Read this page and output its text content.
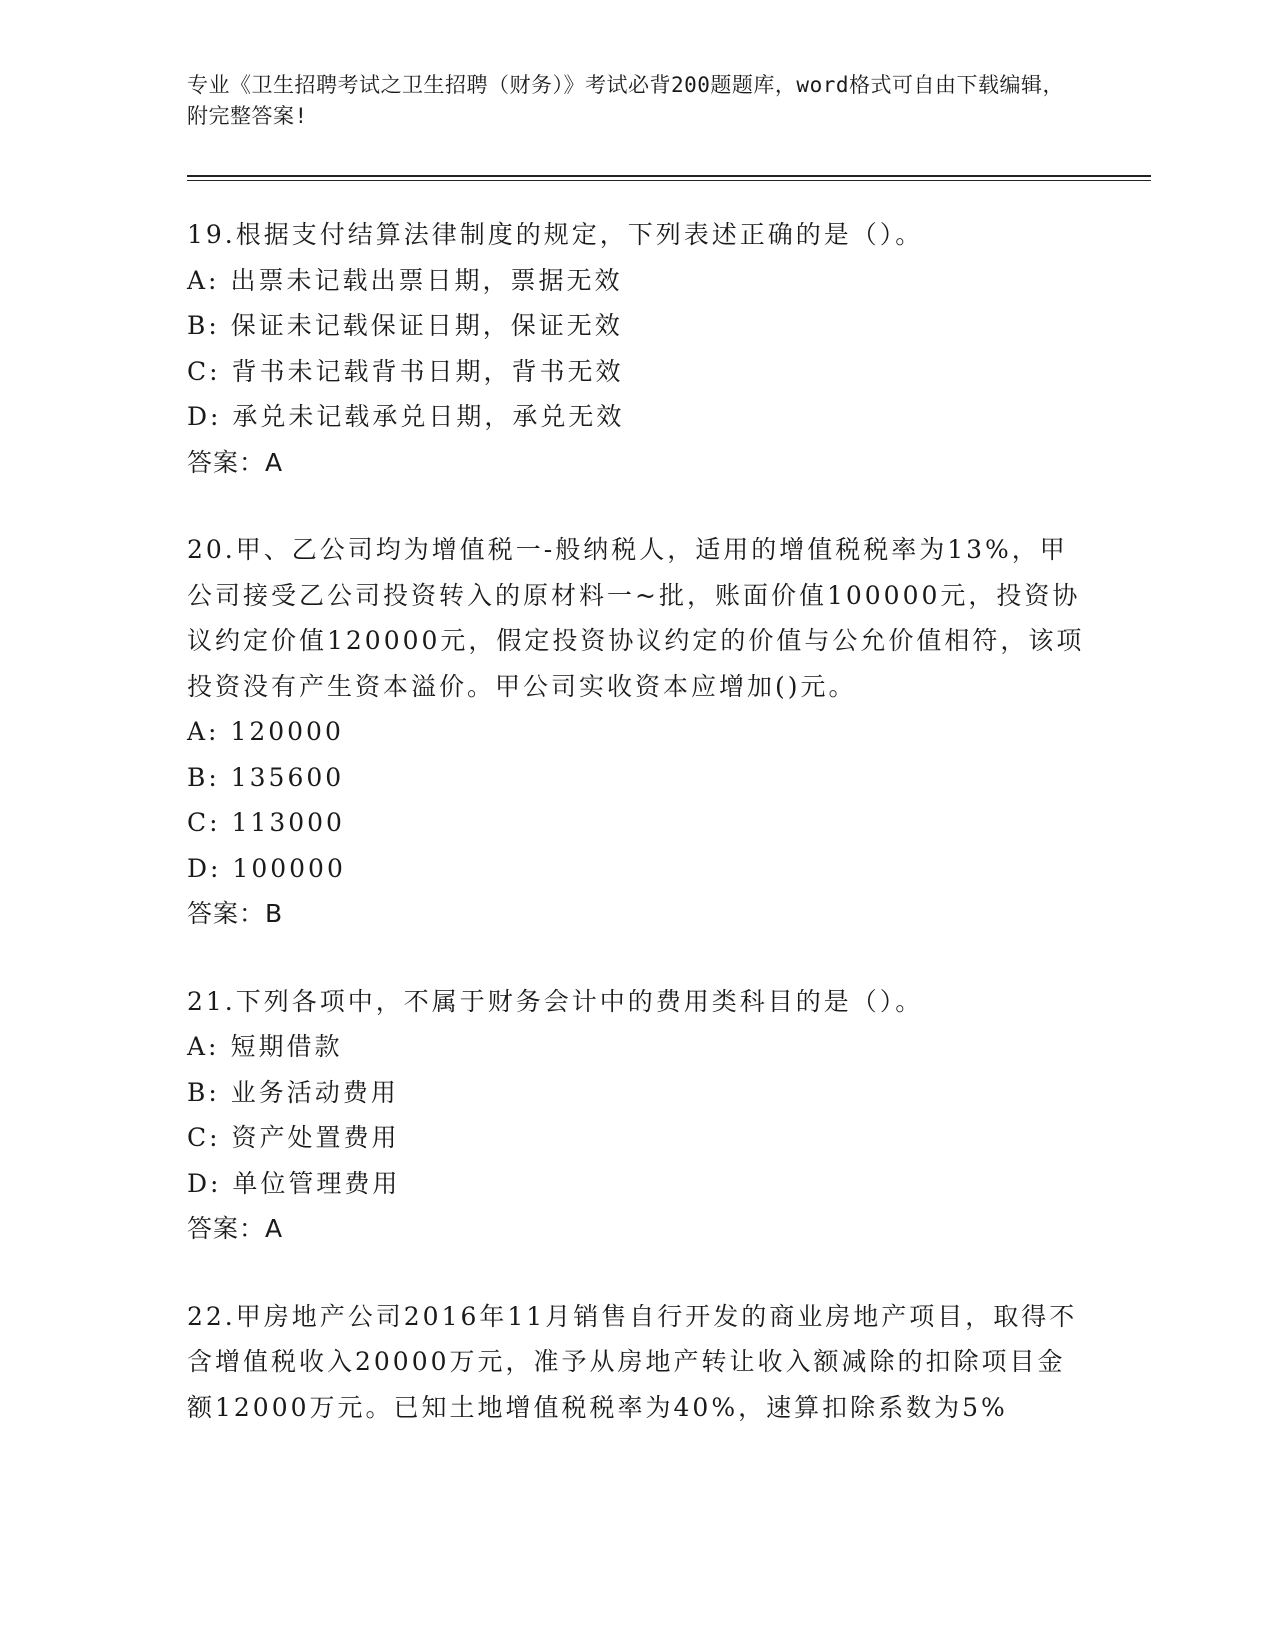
专业《卫生招聘考试之卫生招聘（财务）》考试必背200题题库，word格式可自由下载编辑，附完整答案!
19.根据支付结算法律制度的规定，下列表述正确的是（）。
A: 出票未记载出票日期，票据无效
B: 保证未记载保证日期，保证无效
C: 背书未记载背书日期，背书无效
D: 承兑未记载承兑日期，承兑无效
答案：A
20.甲、乙公司均为增值税一-般纳税人，适用的增值税税率为13%，甲公司接受乙公司投资转入的原材料一~批，账面价值100000元，投资协议约定价值120000元，假定投资协议约定的价值与公允价值相符，该项投资没有产生资本溢价。甲公司实收资本应增加()元。
A: 120000
B: 135600
C: 113000
D: 100000
答案：B
21.下列各项中，不属于财务会计中的费用类科目的是（）。
A: 短期借款
B: 业务活动费用
C: 资产处置费用
D: 单位管理费用
答案：A
22.甲房地产公司2016年11月销售自行开发的商业房地产项目，取得不含增值税收入20000万元，准予从房地产转让收入额减除的扣除项目金额12000万元。已知土地增值税税率为40%，速算扣除系数为5%
